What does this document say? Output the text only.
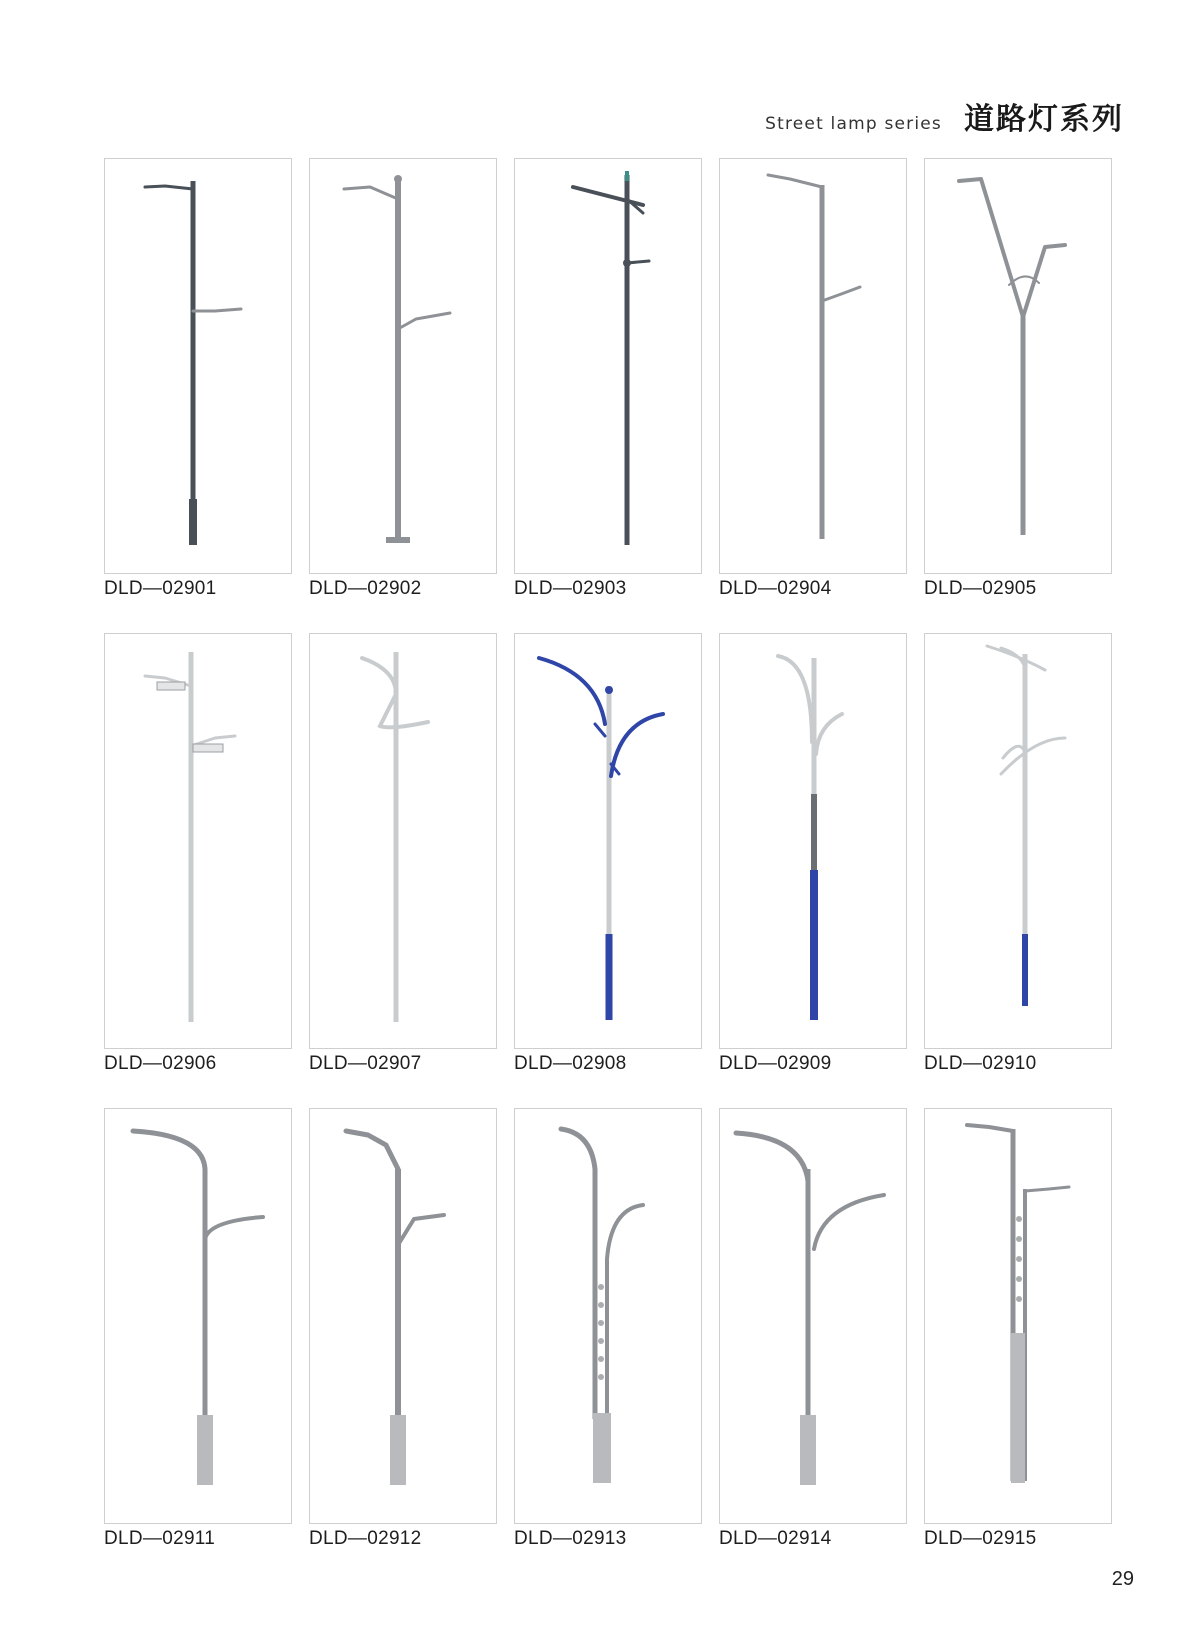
Street lamp series 道路灯系列
DLD—02901	DLD—02902	DLD—02903	DLD—02904	DLD—02905
DLD—02906	DLD—02907	DLD—02908	DLD—02909	DLD—02910
DLD—02911	DLD—02912	DLD—02913	DLD—02914	DLD—02915
29
